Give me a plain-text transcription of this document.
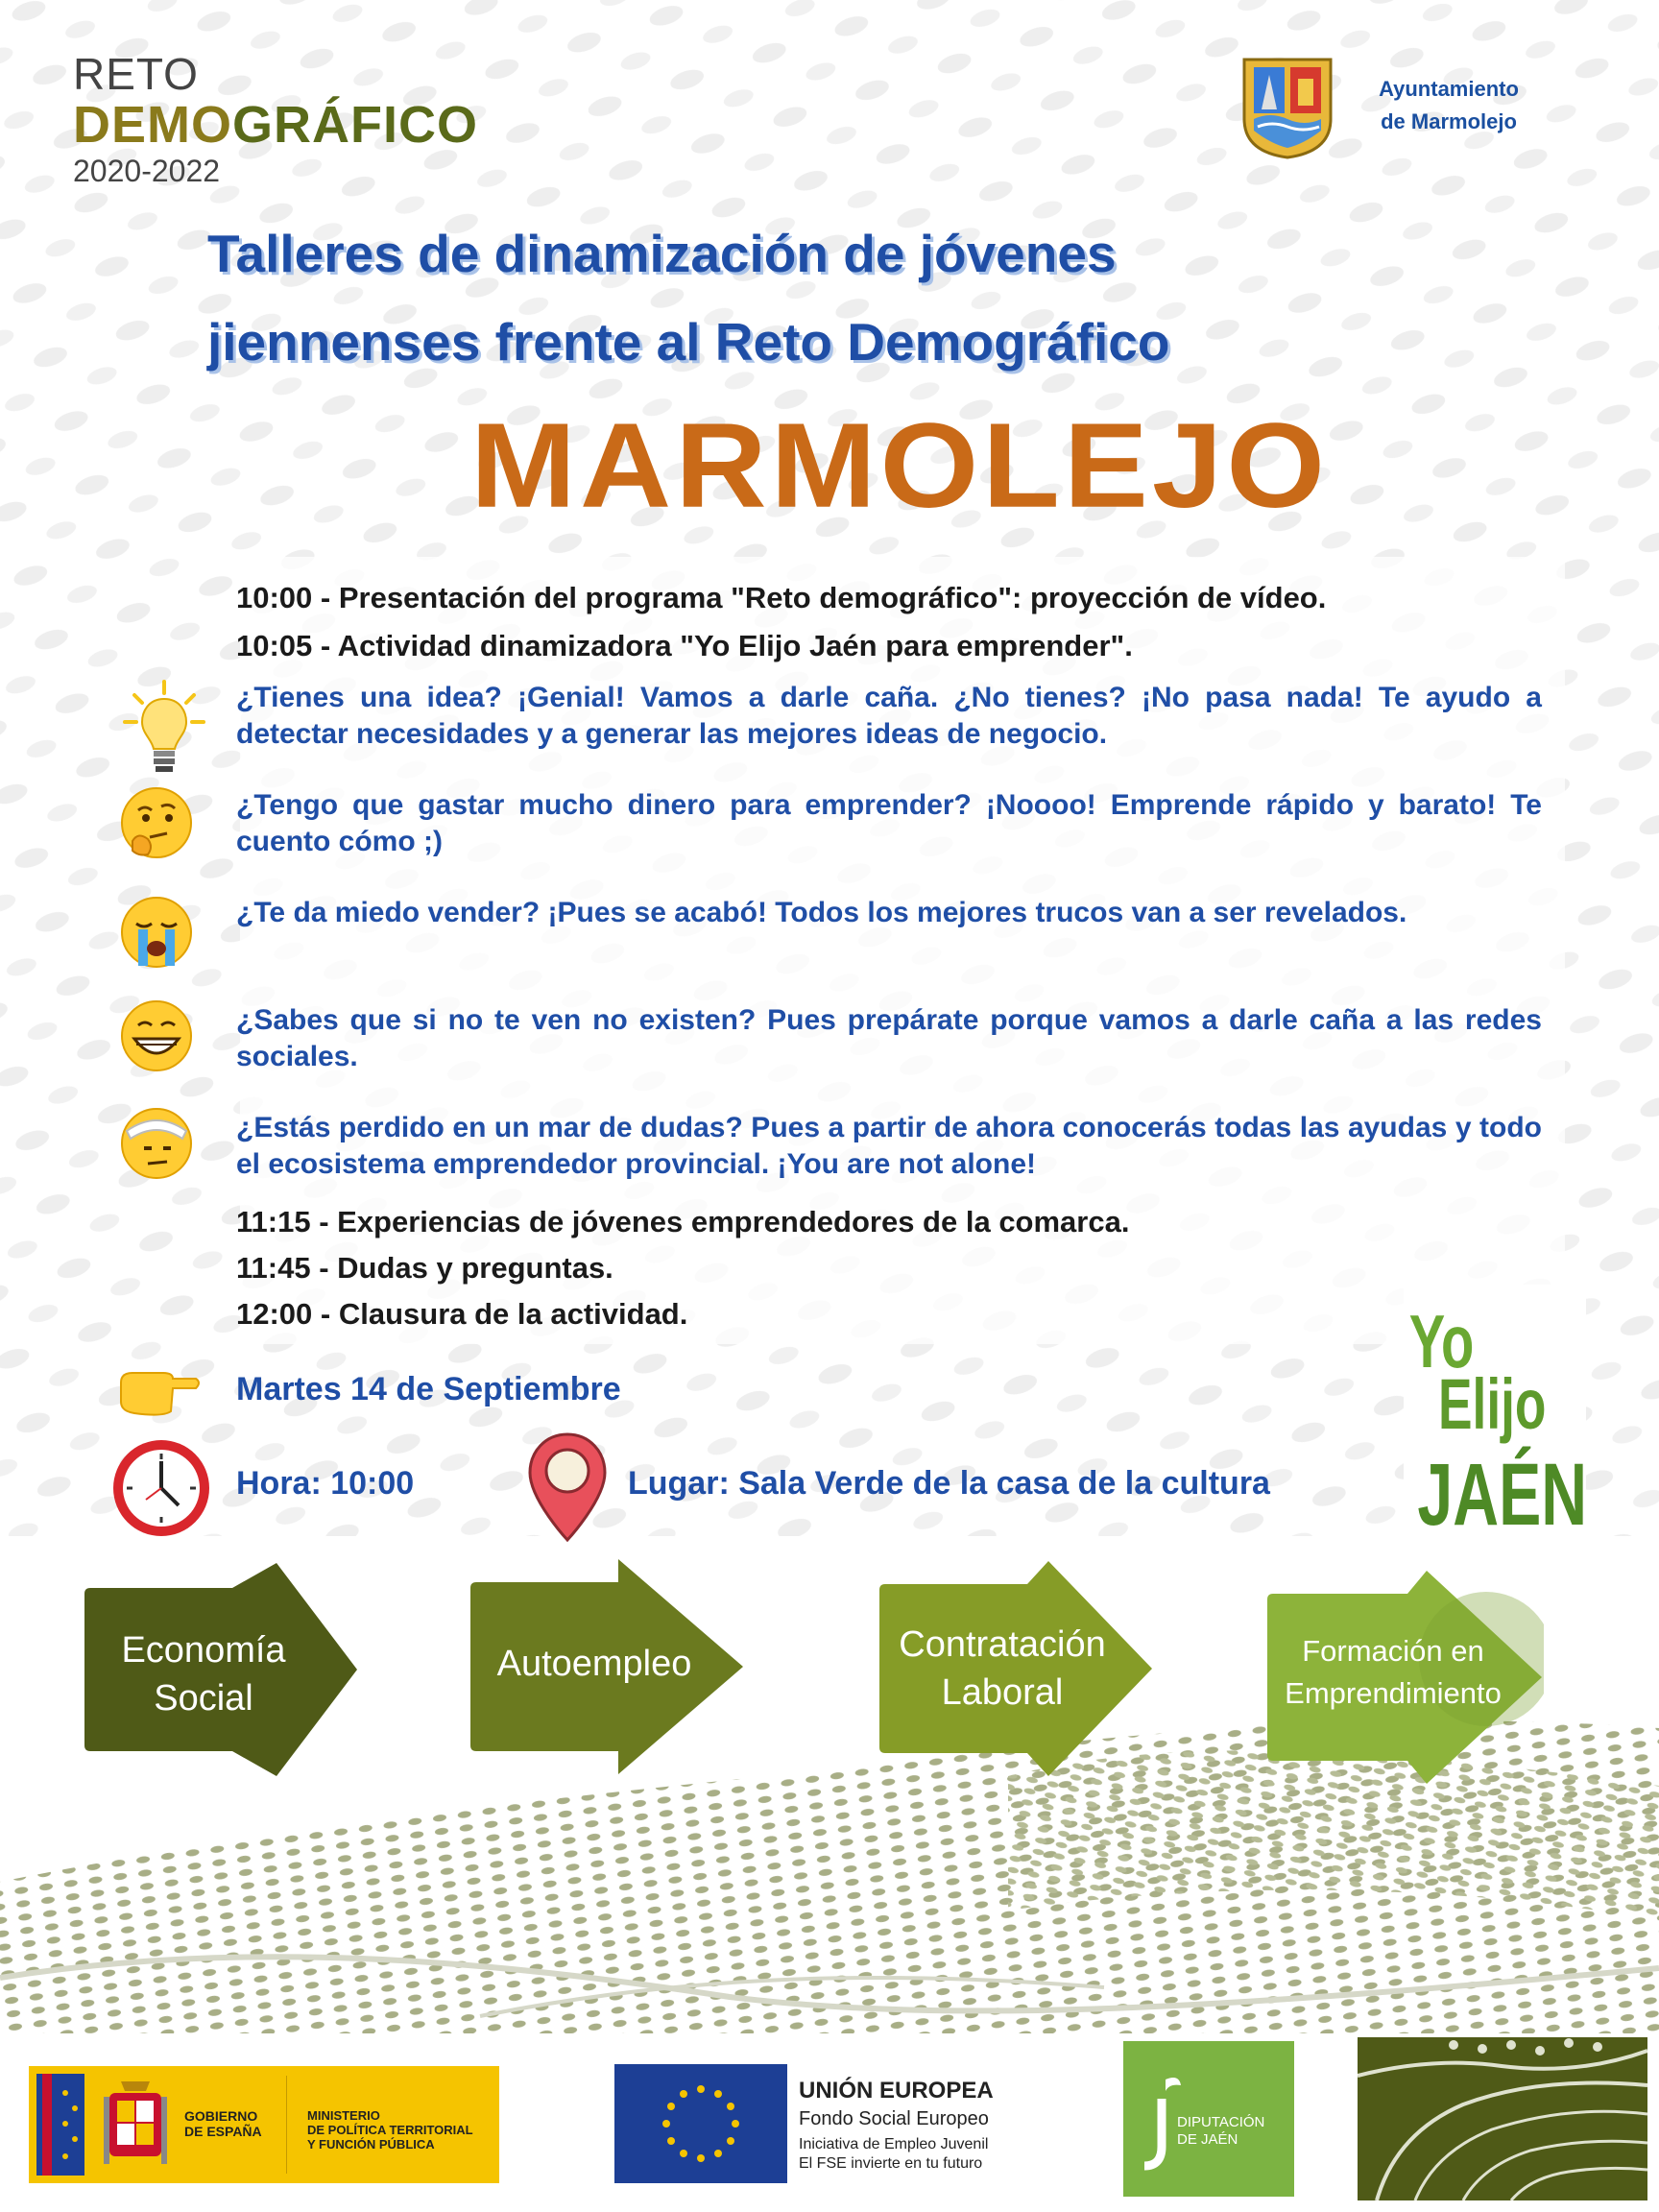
RETO
DEMOGRÁFICO
2020-2022
Ayuntamiento
de Marmolejo
Talleres de dinamización de jóvenes
jiennenses frente al Reto Demográfico
MARMOLEJO
10:00 - Presentación del programa "Reto demográfico": proyección de vídeo.
10:05 - Actividad dinamizadora "Yo Elijo Jaén para emprender".
¿Tienes una idea? ¡Genial! Vamos a darle caña. ¿No tienes? ¡No pasa nada! Te ayudo a detectar necesidades y a generar las mejores ideas de negocio.
¿Tengo que gastar mucho dinero para emprender? ¡Noooo! Emprende rápido y barato! Te cuento cómo ;)
¿Te da miedo vender? ¡Pues se acabó! Todos los mejores trucos van a ser revelados.
¿Sabes que si no te ven no existen? Pues prepárate porque vamos a darle caña a las redes sociales.
¿Estás perdido en un mar de dudas? Pues a partir de ahora conocerás todas las ayudas y todo el ecosistema emprendedor provincial. ¡You are not alone!
11:15 - Experiencias de jóvenes emprendedores de la comarca.
11:45 - Dudas y preguntas.
12:00 - Clausura de la actividad.
Martes 14 de Septiembre
Hora: 10:00	Lugar: Sala Verde de la casa de la cultura
Yo
Elijo
JAÉN
Economía
Social
Autoempleo	Contratación
Laboral
Formación en
Emprendimiento
GOBIERNO
DE ESPAÑA
MINISTERIO
DE POLÍTICA TERRITORIAL
Y FUNCIÓN PÚBLICA
UNIÓN EUROPEA
Fondo Social Europeo
Iniciativa de Empleo Juvenil
El FSE invierte en tu futuro
DIPUTACIÓN
DE JAÉN
